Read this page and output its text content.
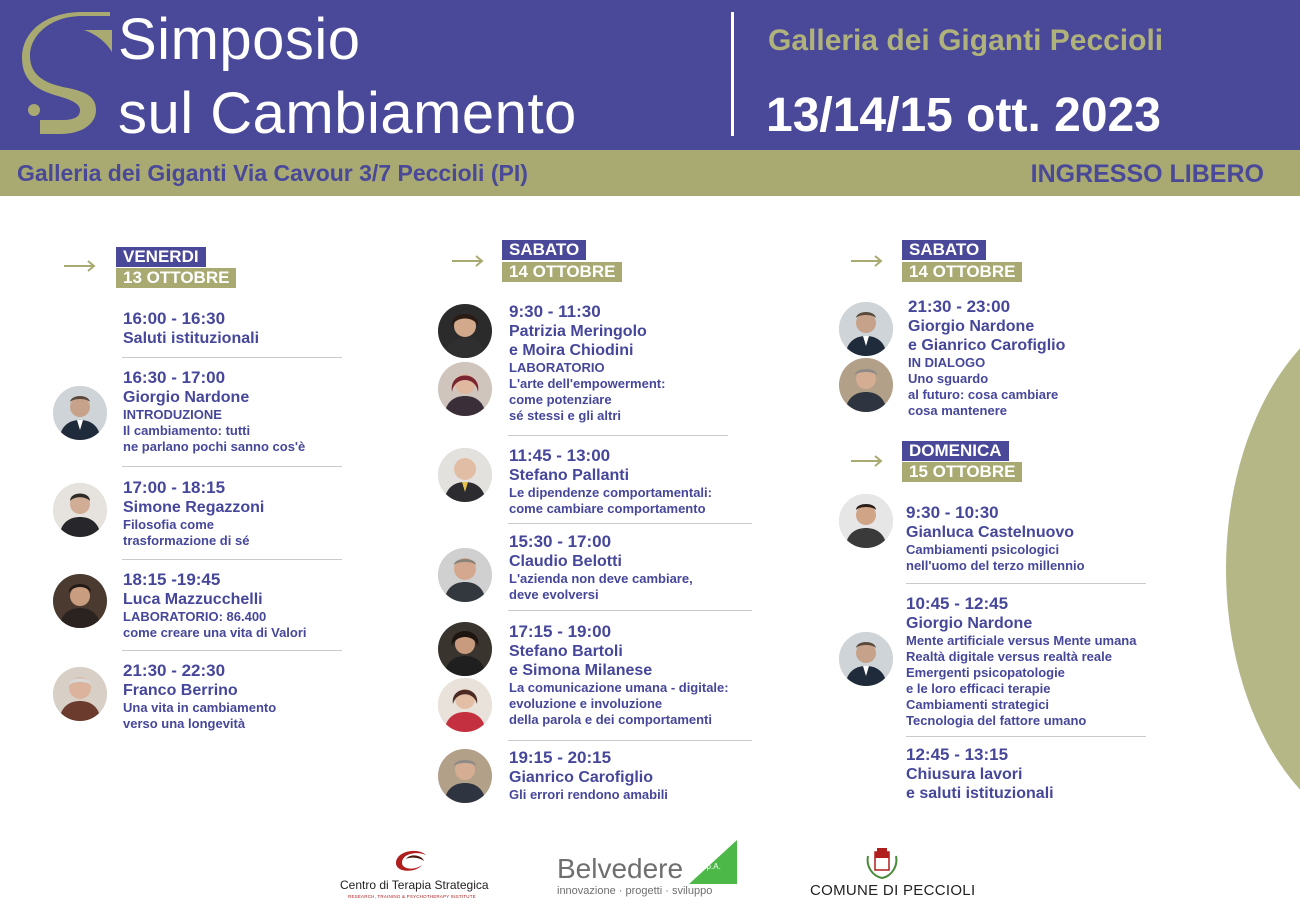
Simposio
sul Cambiamento
Galleria dei Giganti Peccioli
13/14/15 ott. 2023
Galleria dei Giganti Via Cavour 3/7 Peccioli (PI)	INGRESSO LIBERO
VENERDI
13 OTTOBRE
16:00 - 16:30
Saluti istituzionali
16:30 - 17:00
Giorgio Nardone
INTRODUZIONE
Il cambiamento: tutti
ne parlano pochi sanno cos'è
17:00 - 18:15
Simone Regazzoni
Filosofia come
trasformazione di sé
18:15 -19:45
Luca Mazzucchelli
LABORATORIO: 86.400
come creare una vita di Valori
21:30 - 22:30
Franco Berrino
Una vita in cambiamento
verso una longevità
SABATO
14 OTTOBRE
9:30 - 11:30
Patrizia Meringolo
e Moira Chiodini
LABORATORIO
L'arte dell'empowerment:
come potenziare
sé stessi e gli altri
11:45 - 13:00
Stefano Pallanti
Le dipendenze comportamentali:
come cambiare comportamento
15:30 - 17:00
Claudio Belotti
L'azienda non deve cambiare,
deve evolversi
17:15 - 19:00
Stefano Bartoli
e Simona Milanese
La comunicazione umana - digitale:
evoluzione e involuzione
della parola e dei comportamenti
19:15 - 20:15
Gianrico Carofiglio
Gli errori rendono amabili
SABATO
14 OTTOBRE
21:30 - 23:00
Giorgio Nardone
e Gianrico Carofiglio
IN DIALOGO
Uno sguardo
al futuro: cosa cambiare
cosa mantenere
DOMENICA
15 OTTOBRE
9:30 - 10:30
Gianluca Castelnuovo
Cambiamenti psicologici
nell'uomo del terzo millennio
10:45 - 12:45
Giorgio Nardone
Mente artificiale versus Mente umana
Realtà digitale versus realtà reale
Emergenti psicopatologie
e le loro efficaci terapie
Cambiamenti strategici
Tecnologia del fattore umano
12:45 - 13:15
Chiusura lavori
e saluti istituzionali
Centro di Terapia Strategica
RESEARCH, TRAINING & PSYCHOTHERAPY INSTITUTE
S.p.A.
Belvedere
innovazione · progetti · sviluppo	COMUNE DI PECCIOLI
